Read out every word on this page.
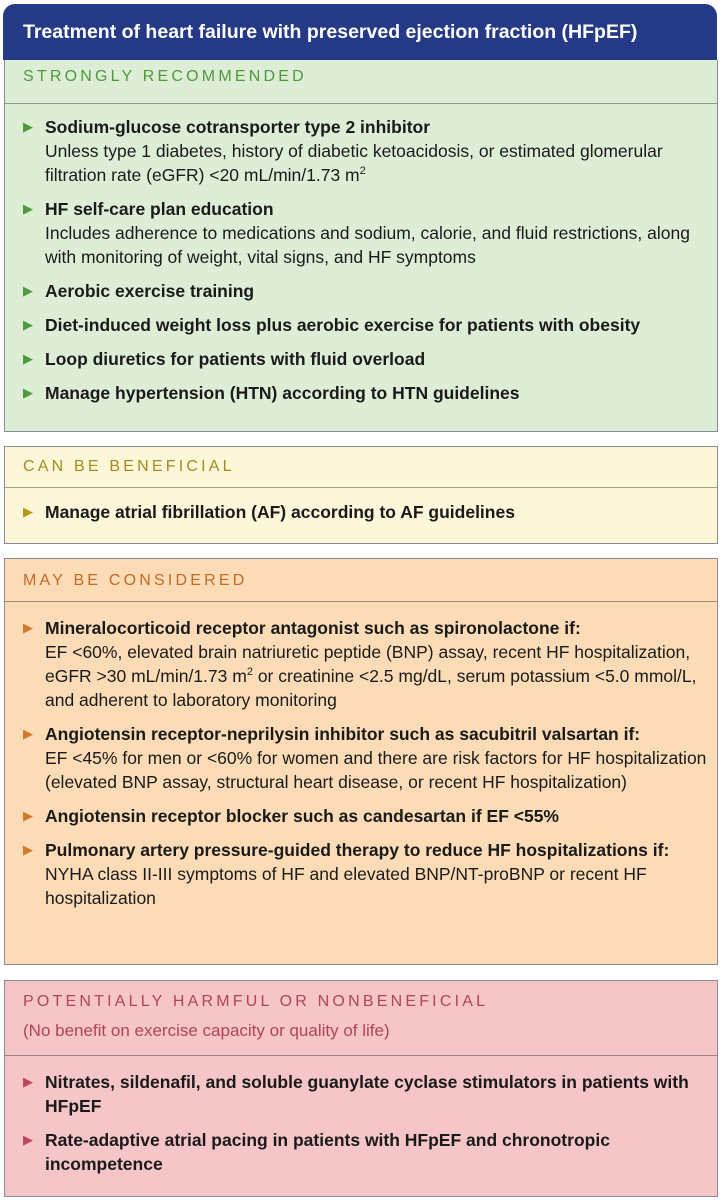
Treatment of heart failure with preserved ejection fraction (HFpEF)
STRONGLY RECOMMENDED
▶ Sodium-glucose cotransporter type 2 inhibitor
Unless type 1 diabetes, history of diabetic ketoacidosis, or estimated glomerular filtration rate (eGFR) <20 mL/min/1.73 $m^2$
▶ HF self-care plan education
Includes adherence to medications and sodium, calorie, and fluid restrictions, along with monitoring of weight, vital signs, and HF symptoms
▶ Aerobic exercise training
▶ Diet-induced weight loss plus aerobic exercise for patients with obesity
▶ Loop diuretics for patients with fluid overload
▶ Manage hypertension (HTN) according to HTN guidelines
CAN BE BENEFICIAL
▶ Manage atrial fibrillation (AF) according to AF guidelines
MAY BE CONSIDERED
▶ Mineralocorticoid receptor antagonist such as spironolactone if:
EF <60%, elevated brain natriuretic peptide (BNP) assay, recent HF hospitalization, eGFR >30 mL/min/1.73 $m^2$ or creatinine <2.5 mg/dL, serum potassium <5.0 mmol/L, and adherent to laboratory monitoring
▶ Angiotensin receptor-neprilysin inhibitor such as sacubitril valsartan if:
EF <45% for men or <60% for women and there are risk factors for HF hospitalization (elevated BNP assay, structural heart disease, or recent HF hospitalization)
▶ Angiotensin receptor blocker such as candesartan if EF <55%
▶ Pulmonary artery pressure-guided therapy to reduce HF hospitalizations if:
NYHA class II-III symptoms of HF and elevated BNP/NT-proBNP or recent HF hospitalization
POTENTIALLY HARMFUL OR NONBENEFICIAL
(No benefit on exercise capacity or quality of life)
▶ Nitrates, sildenafil, and soluble guanylate cyclase stimulators in patients with HFpEF
▶ Rate-adaptive atrial pacing in patients with HFpEF and chronotropic incompetence
